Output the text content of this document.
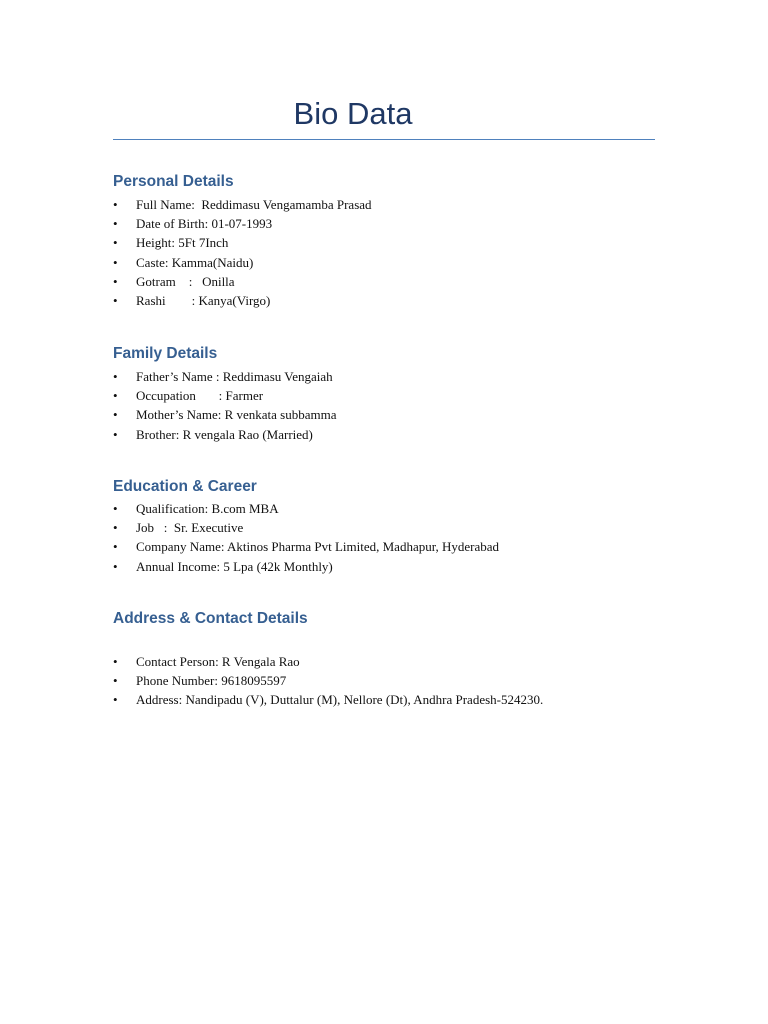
Bio Data
Personal Details
• Full Name:  Reddimasu Vengamamba Prasad
• Date of Birth: 01-07-1993
• Height: 5Ft 7Inch
• Caste: Kamma(Naidu)
• Gotram    :   Onilla
• Rashi        : Kanya(Virgo)
Family Details
• Father’s Name : Reddimasu Vengaiah
• Occupation       : Farmer
• Mother’s Name: R venkata subbamma
• Brother: R vengala Rao (Married)
Education & Career
• Qualification: B.com MBA
• Job   :  Sr. Executive
• Company Name: Aktinos Pharma Pvt Limited, Madhapur, Hyderabad
• Annual Income: 5 Lpa (42k Monthly)
Address & Contact Details
• Contact Person: R Vengala Rao
• Phone Number: 9618095597
• Address: Nandipadu (V), Duttalur (M), Nellore (Dt), Andhra Pradesh-524230.
